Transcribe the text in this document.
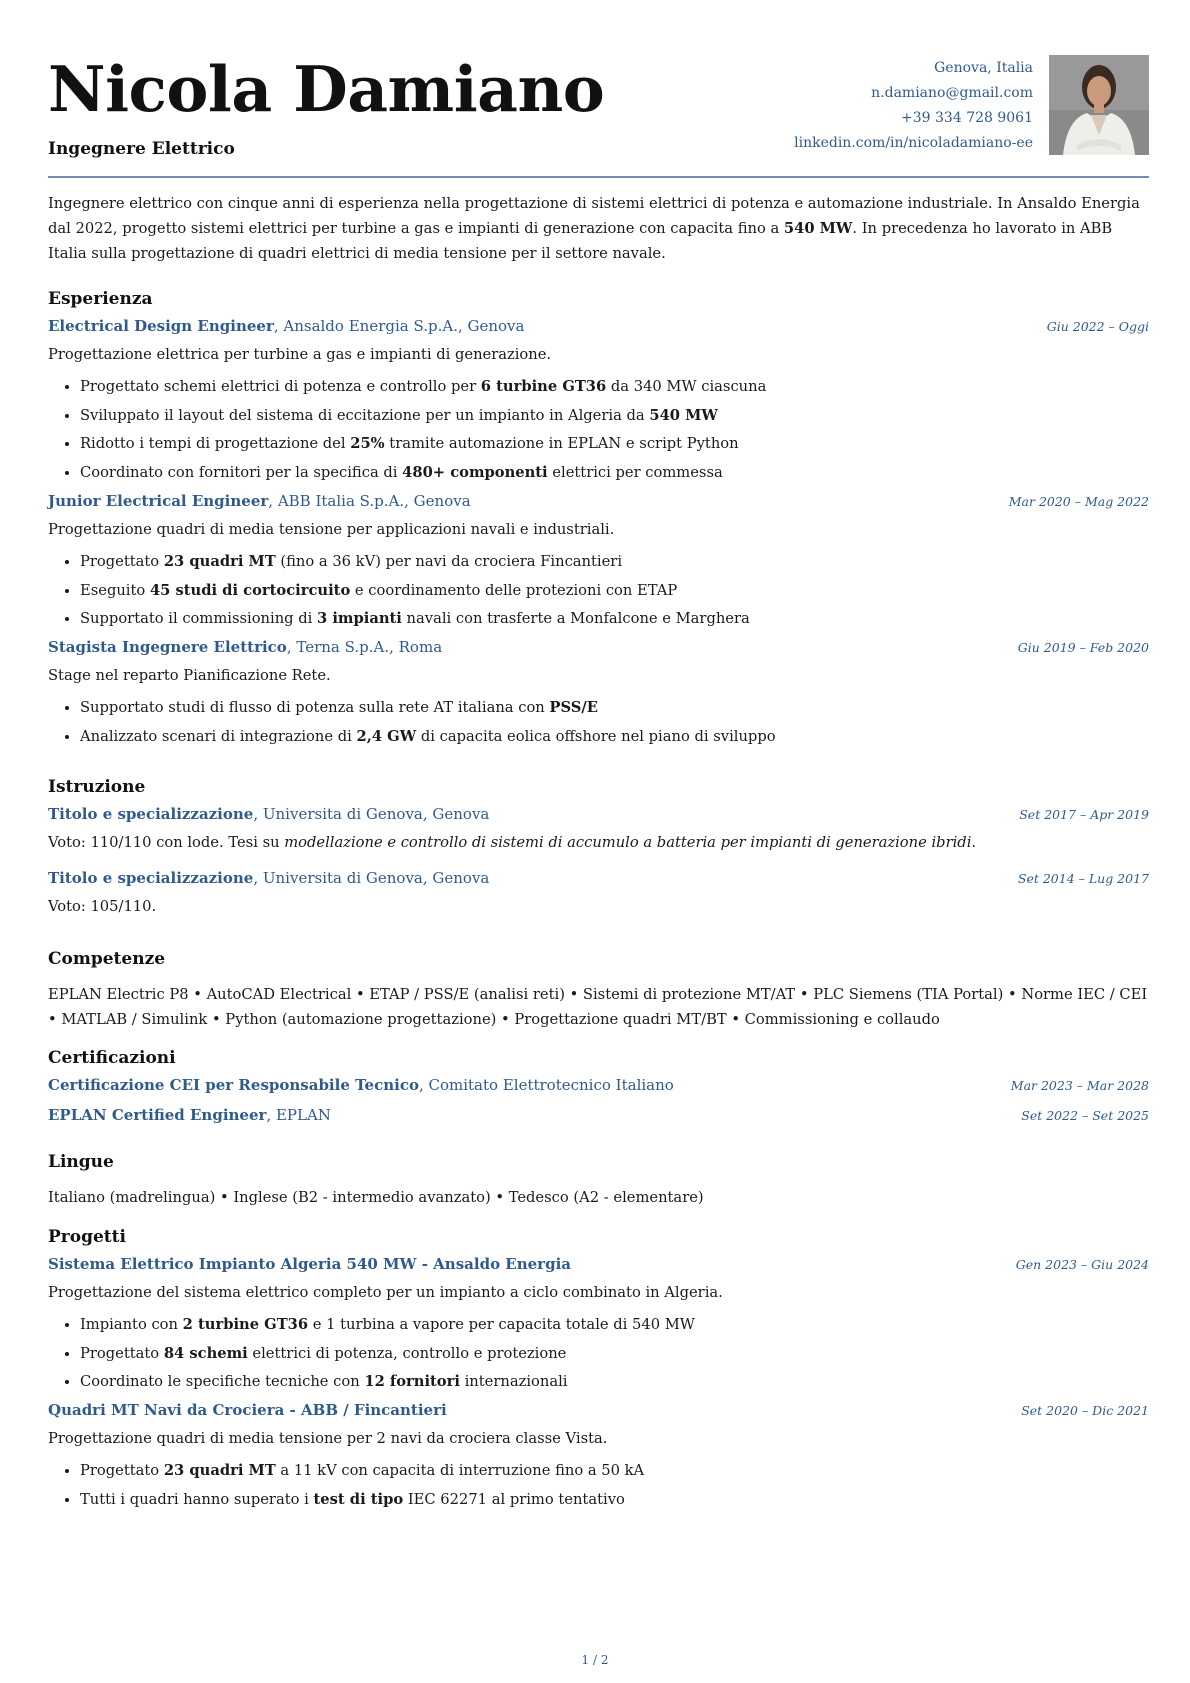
Nicola Damiano
Ingegnere Elettrico
Genova, Italia
n.damiano@gmail.com
+39 334 728 9061
linkedin.com/in/nicoladamiano-ee

Ingegnere elettrico con cinque anni di esperienza nella progettazione di sistemi elettrici di potenza e automazione industriale. In Ansaldo Energia dal 2022, progetto sistemi elettrici per turbine a gas e impianti di generazione con capacita fino a 540 MW. In precedenza ho lavorato in ABB Italia sulla progettazione di quadri elettrici di media tensione per il settore navale.

Esperienza
Electrical Design Engineer, Ansaldo Energia S.p.A., Genova	Giu 2022 – Oggi

Progettazione elettrica per turbine a gas e impianti di generazione.

• Progettato schemi elettrici di potenza e controllo per 6 turbine GT36 da 340 MW ciascuna
• Sviluppato il layout del sistema di eccitazione per un impianto in Algeria da 540 MW
• Ridotto i tempi di progettazione del 25% tramite automazione in EPLAN e script Python
• Coordinato con fornitori per la specifica di 480+ componenti elettrici per commessa
Junior Electrical Engineer, ABB Italia S.p.A., Genova	Mar 2020 – Mag 2022

Progettazione quadri di media tensione per applicazioni navali e industriali.

• Progettato 23 quadri MT (fino a 36 kV) per navi da crociera Fincantieri
• Eseguito 45 studi di cortocircuito e coordinamento delle protezioni con ETAP
• Supportato il commissioning di 3 impianti navali con trasferte a Monfalcone e Marghera
Stagista Ingegnere Elettrico, Terna S.p.A., Roma	Giu 2019 – Feb 2020

Stage nel reparto Pianificazione Rete.

• Supportato studi di flusso di potenza sulla rete AT italiana con PSS/E
• Analizzato scenari di integrazione di 2,4 GW di capacita eolica offshore nel piano di sviluppo
Istruzione
Titolo e specializzazione, Universita di Genova, Genova	Set 2017 – Apr 2019

Voto: 110/110 con lode. Tesi su modellazione e controllo di sistemi di accumulo a batteria per impianti di generazione ibridi.

Titolo e specializzazione, Universita di Genova, Genova	Set 2014 – Lug 2017

Voto: 105/110.

Competenze

EPLAN Electric P8 • AutoCAD Electrical • ETAP / PSS/E (analisi reti) • Sistemi di protezione MT/AT • PLC Siemens (TIA Portal) • Norme IEC / CEI • MATLAB / Simulink • Python (automazione progettazione) • Progettazione quadri MT/BT • Commissioning e collaudo

Certificazioni
Certificazione CEI per Responsabile Tecnico, Comitato Elettrotecnico Italiano	Mar 2023 – Mar 2028
EPLAN Certified Engineer, EPLAN	Set 2022 – Set 2025
Lingue

Italiano (madrelingua) • Inglese (B2 - intermedio avanzato) • Tedesco (A2 - elementare)

Progetti
Sistema Elettrico Impianto Algeria 540 MW - Ansaldo Energia	Gen 2023 – Giu 2024

Progettazione del sistema elettrico completo per un impianto a ciclo combinato in Algeria.

• Impianto con 2 turbine GT36 e 1 turbina a vapore per capacita totale di 540 MW
• Progettato 84 schemi elettrici di potenza, controllo e protezione
• Coordinato le specifiche tecniche con 12 fornitori internazionali
Quadri MT Navi da Crociera - ABB / Fincantieri	Set 2020 – Dic 2021

Progettazione quadri di media tensione per 2 navi da crociera classe Vista.

• Progettato 23 quadri MT a 11 kV con capacita di interruzione fino a 50 kA
• Tutti i quadri hanno superato i test di tipo IEC 62271 al primo tentativo
1 / 2
